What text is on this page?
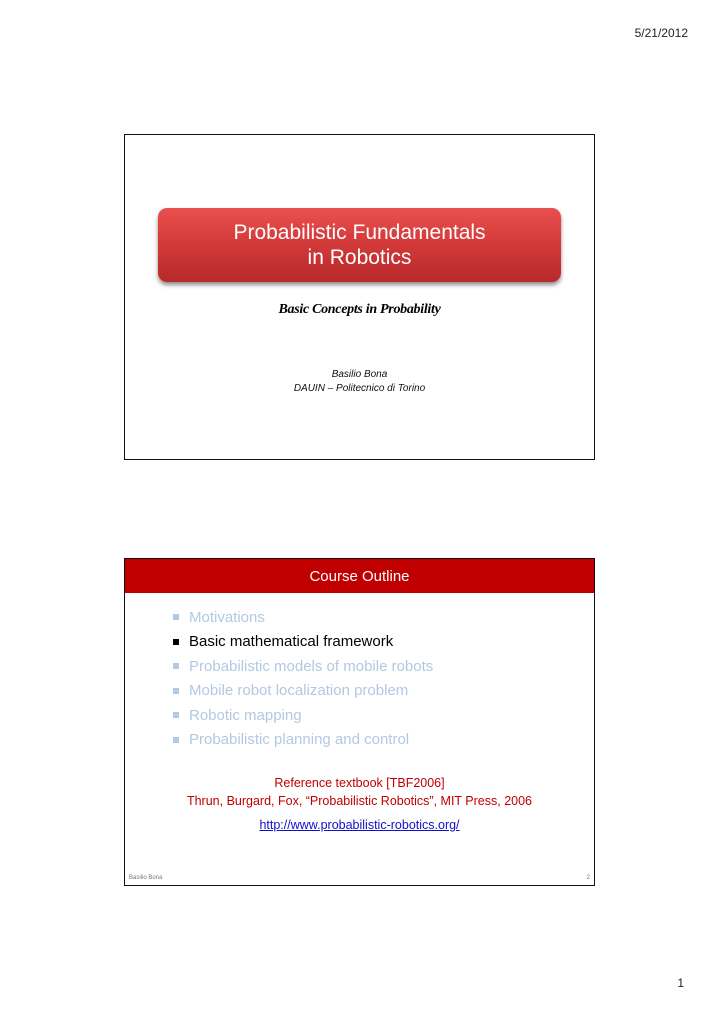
5/21/2012
Probabilistic Fundamentals
in Robotics
Basic Concepts in Probability
Basilio Bona
DAUIN – Politecnico di Torino
Course Outline
Motivations
Basic mathematical framework
Probabilistic models of mobile robots
Mobile robot localization problem
Robotic mapping
Probabilistic planning and control
Reference textbook [TBF2006]
Thrun, Burgard, Fox, “Probabilistic Robotics”, MIT Press, 2006
http://www.probabilistic-robotics.org/
Basilio Bona	2
1
